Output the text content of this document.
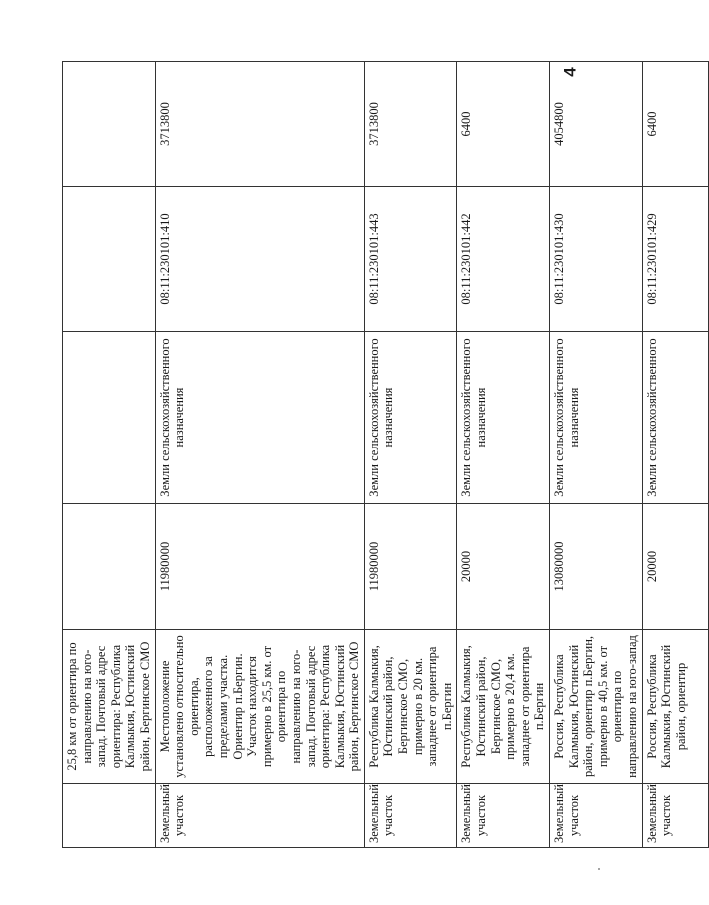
4
	25,8 км от ориентира по направлению на юго-запад. Почтовый адрес ориентира: Республика Калмыкия, Юстинский район, Бергинское СМО				
Земельный участок	Местоположение установлено относительно ориентира, расположенного за пределами участка. Ориентир п.Бергин. Участок находится примерно в 25,5 км. от ориентира по направлению на юго-запад. Почтовый адрес ориентира: Республика Калмыкия, Юстинский район, Бергинское СМО	11980000	Земли сельскохозяйственного назначения	08:11:230101:410	3713800
Земельный участок	Республика Калмыкия, Юстинский район, Бергинское СМО, примерно в 20 км. западнее от ориентира п.Бергин	11980000	Земли сельскохозяйственного назначения	08:11:230101:443	3713800
Земельный участок	Республика Калмыкия, Юстинский район, Бергинское СМО, примерно в 20,4 км. западнее от ориентира п.Бергин	20000	Земли сельскохозяйственного назначения	08:11:230101:442	6400
Земельный участок	Россия, Республика Калмыкия, Юстинский район, ориентир п.Бергин, примерно в 40,5 км. от ориентира по направлению на юго-запад	13080000	Земли сельскохозяйственного назначения	08:11:230101:430	4054800
Земельный участок	Россия, Республика Калмыкия, Юстинский район, ориентир	20000	Земли сельскохозяйственного	08:11:230101:429	6400
